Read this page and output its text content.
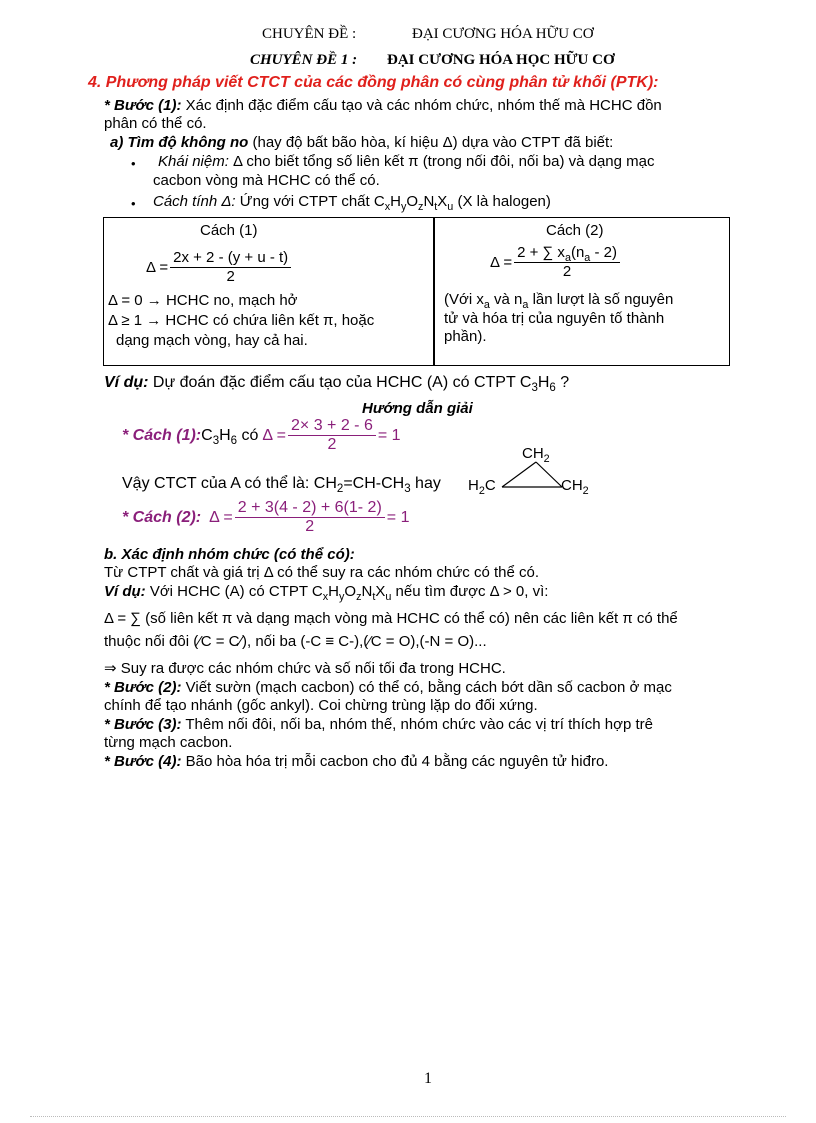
CHUYÊN ĐỀ :	ĐẠI CƯƠNG HÓA HỮU CƠ
CHUYÊN ĐỀ 1 : ĐẠI CƯƠNG HÓA HỌC HỮU CƠ
4. Phương pháp viết CTCT của các đồng phân có cùng phân tử khối (PTK):
* Bước (1): Xác định đặc điểm cấu tạo và các nhóm chức, nhóm thế mà HCHC đồn
phân có thể có.
a) Tìm độ không no (hay độ bất bão hòa, kí hiệu Δ) dựa vào CTPT đã biết:
• Khái niệm: Δ cho biết tổng số liên kết π (trong nối đôi, nối ba) và dạng mạc
cacbon vòng mà HCHC có thể có.
• Cách tính Δ: Ứng với CTPT chất $C_xH_yO_zN_tX_u$ (X là halogen)
Cách (1)
$\Delta = \frac{2x + 2 - (y + u - t)}{2}$
Δ = 0 → HCHC no, mạch hở
Δ ≥ 1 → HCHC có chứa liên kết π, hoặc
dạng mạch vòng, hay cả hai.
Cách (2)
$\Delta = \frac{2 + \sum x_a(n_a - 2)}{2}$
(Với $x_a$ và $n_a$ lần lượt là số nguyên
tử và hóa trị của nguyên tố thành
phần).
Ví dụ: Dự đoán đặc điểm cấu tạo của HCHC (A) có CTPT $C_3H_6$ ?
Hướng dẫn giải
* Cách (1): $C_3H_6$ có $\Delta = \frac{2\times 3 + 2 - 6}{2} = 1$
Vậy CTCT của A có thể là: $CH_2=CH-CH_3$ hay
$CH_2$
$H_2C$	$CH_2$
* Cách (2): $\Delta = \frac{2 + 3(4 - 2) + 6(1- 2)}{2} = 1$
b. Xác định nhóm chức (có thể có):
Từ CTPT chất và giá trị Δ có thể suy ra các nhóm chức có thể có.
Ví dụ: Với HCHC (A) có CTPT $C_xH_yO_zN_tX_u$ nếu tìm được Δ > 0, vì:
Δ = ∑ (số liên kết π và dạng mạch vòng mà HCHC có thể có) nên các liên kết π có thể
thuộc nối đôi (⁄C = C⁄), nối ba (-C ≡ C-),(⁄C = O),(-N = O)...
⇒ Suy ra được các nhóm chức và số nối tối đa trong HCHC.
* Bước (2): Viết sườn (mạch cacbon) có thể có, bằng cách bớt dần số cacbon ở mạc
chính để tạo nhánh (gốc ankyl). Coi chừng trùng lặp do đối xứng.
* Bước (3): Thêm nối đôi, nối ba, nhóm thế, nhóm chức vào các vị trí thích hợp trê
từng mạch cacbon.
* Bước (4): Bão hòa hóa trị mỗi cacbon cho đủ 4 bằng các nguyên tử hiđro.
1
